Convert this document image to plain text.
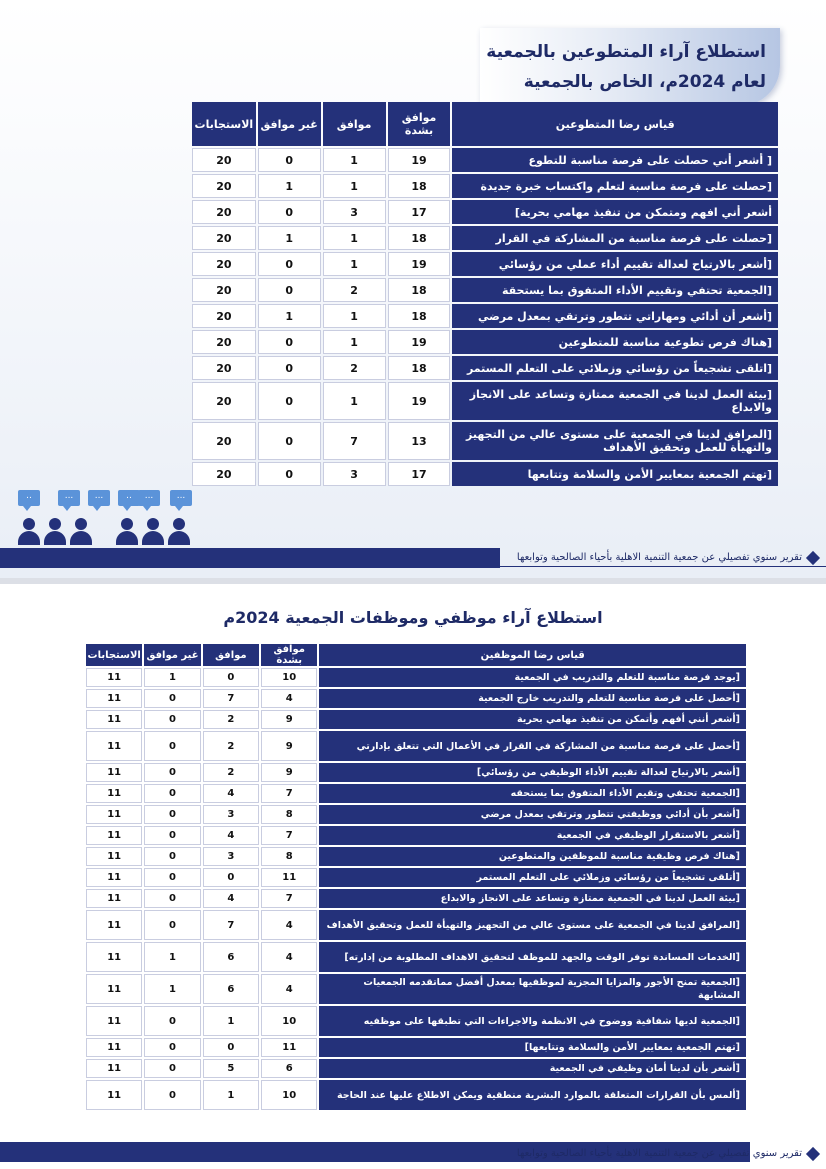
استطلاع آراء المتطوعين بالجمعية
لعام 2024م، الخاص بالجمعية
قياس رضا المتطوعين	موافق بشدة	موافق	غير موافق	الاستجابات
[ أشعر أني حصلت على فرصة مناسبة للتطوع	19	1	0	20
[حصلت على فرصة مناسبة لتعلم واكتساب خبرة جديدة	18	1	1	20
أشعر أني افهم ومتمكن من تنفيذ مهامي بحرية]	17	3	0	20
[حصلت على فرصة مناسبة من المشاركة في القرار	18	1	1	20
[أشعر بالارتياح لعدالة تقييم أداء عملي من رؤسائي	19	1	0	20
[الجمعية تحتفي وتقييم الأداء المتفوق بما يستحقة	18	2	0	20
[أشعر أن أدائي ومهاراتي تتطور وترتقي بمعدل مرضي	18	1	1	20
[هناك فرص تطوعية مناسبة للمتطوعين	19	1	0	20
[اتلقى تشجيعاً من رؤسائي وزملائي على التعلم المستمر	18	2	0	20
[بيئة العمل لدينا في الجمعية ممتازة وتساعد على الانجاز والابداع	19	1	0	20
[المرافق لدينا في الجمعية على مستوى عالي من التجهيز والتهيأة للعمل وتحقيق الأهداف	13	7	0	20
[تهتم الجمعية بمعايير الأمن والسلامة وتتابعها	17	3	0	20
..	...	...	..	...	...
تقرير سنوي تفصيلي عن جمعية التنمية الاهلية بأحياء الصالحية وتوابعها
استطلاع آراء موظفي وموظفات الجمعية 2024م
قياس رضا الموظفين	موافق بشدة	موافق	غير موافق	الاستجابات
[يوجد فرصة مناسبة للتعلم والتدريب في الجمعية	10	0	1	11
[أحصل على فرصة مناسبة للتعلم والتدريب خارج الجمعية	4	7	0	11
[أشعر أنني أفهم وأتمكن من تنفيذ مهامي بحرية	9	2	0	11
[أحصل على فرصة مناسبة من المشاركة في القرار في الأعمال التي تتعلق بإدارتي	9	2	0	11
[أشعر بالارتياح لعدالة تقييم الأداء الوظيفي من رؤسائي]	9	2	0	11
[الجمعية تحتفي وتقيم الأداء المتفوق بما يستحقه	7	4	0	11
[أشعر بأن أدائي ووظيفتي تتطور وترتقي بمعدل مرضي	8	3	0	11
[أشعر بالاستقرار الوظيفي في الجمعية	7	4	0	11
[هناك فرص وظيفية مناسبة للموظفين والمتطوعين	8	3	0	11
[أتلقى تشجيعاً من رؤسائي وزملائي على التعلم المستمر	11	0	0	11
[بيئة العمل لدينا في الجمعية ممتازة وتساعد على الانجاز والابداع	7	4	0	11
[المرافق لدينا في الجمعية على مستوى عالي من التجهيز والتهيأة للعمل وتحقيق الأهداف	4	7	0	11
[الخدمات المساندة توفر الوقت والجهد للموظف لتحقيق الاهداف المطلوبة من إدارته]	4	6	1	11
[الجمعية تمنح الأجور والمزايا المجزية لموظفيها بمعدل أفضل مماتقدمه الجمعيات المشابهة	4	6	1	11
[الجمعية لديها شفافية ووضوح في الانظمة والاجراءات التي تطبقها على موظفيه	10	1	0	11
[تهتم الجمعية بمعايير الأمن والسلامة وتتابعها]	11	0	0	11
[أشعر بأن لدينا أمان وظيفي في الجمعية	6	5	0	11
[ألمس بأن القرارات المتعلقة بالموارد البشرية منطقية ويمكن الاطلاع عليها عند الحاجة	10	1	0	11
تقرير سنوي تفصيلي عن جمعية التنمية الاهلية بأحياء الصالحية وتوابعها
